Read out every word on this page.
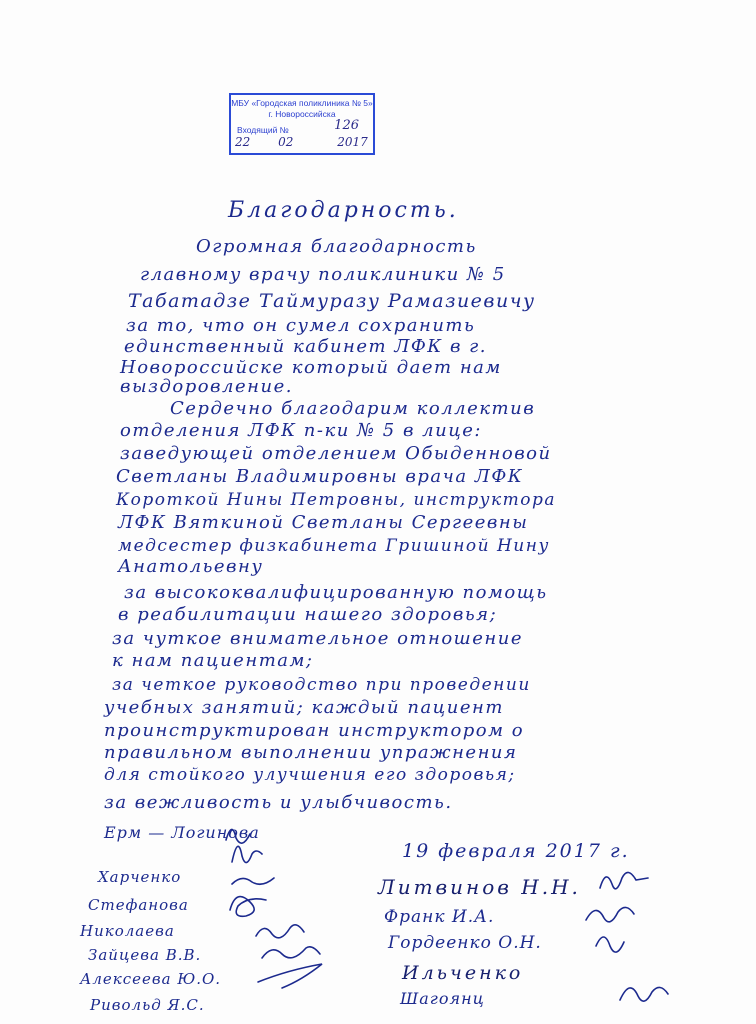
МБУ «Городская поликлиника № 5»
г. Новороссийска
Входящий №	126
22 02	2017
Благодарность.
Огромная благодарность
главному врачу поликлиники № 5
Табатадзе Таймуразу Рамазиевичу
за то, что он сумел сохранить
единственный кабинет ЛФК в г.
Новороссийске который дает нам
выздоровление.
Сердечно благодарим коллектив
отделения ЛФК п-ки № 5 в лице:
заведующей отделением Обыденновой
Светланы Владимировны врача ЛФК
Короткой Нины Петровны, инструктора
ЛФК Вяткиной Светланы Сергеевны
медсестер физкабинета Гришиной Нину
Анатольевну
за высококвалифицированную помощь
в реабилитации нашего здоровья;
за чуткое внимательное отношение
к нам пациентам;
за четкое руководство при проведении
учебных занятий; каждый пациент
проинструктирован инструктором о
правильном выполнении упражнения
для стойкого улучшения его здоровья;
за вежливость и улыбчивость.
Ерм — Логинова
19 февраля 2017 г.
Харченко
Стефанова
Николаева
Зайцева В.В.
Алексеева Ю.О.
Ривольд Я.С.
Литвинов Н.Н.
Франк И.А.
Гордеенко О.Н.
Ильченко
Шагоянц
